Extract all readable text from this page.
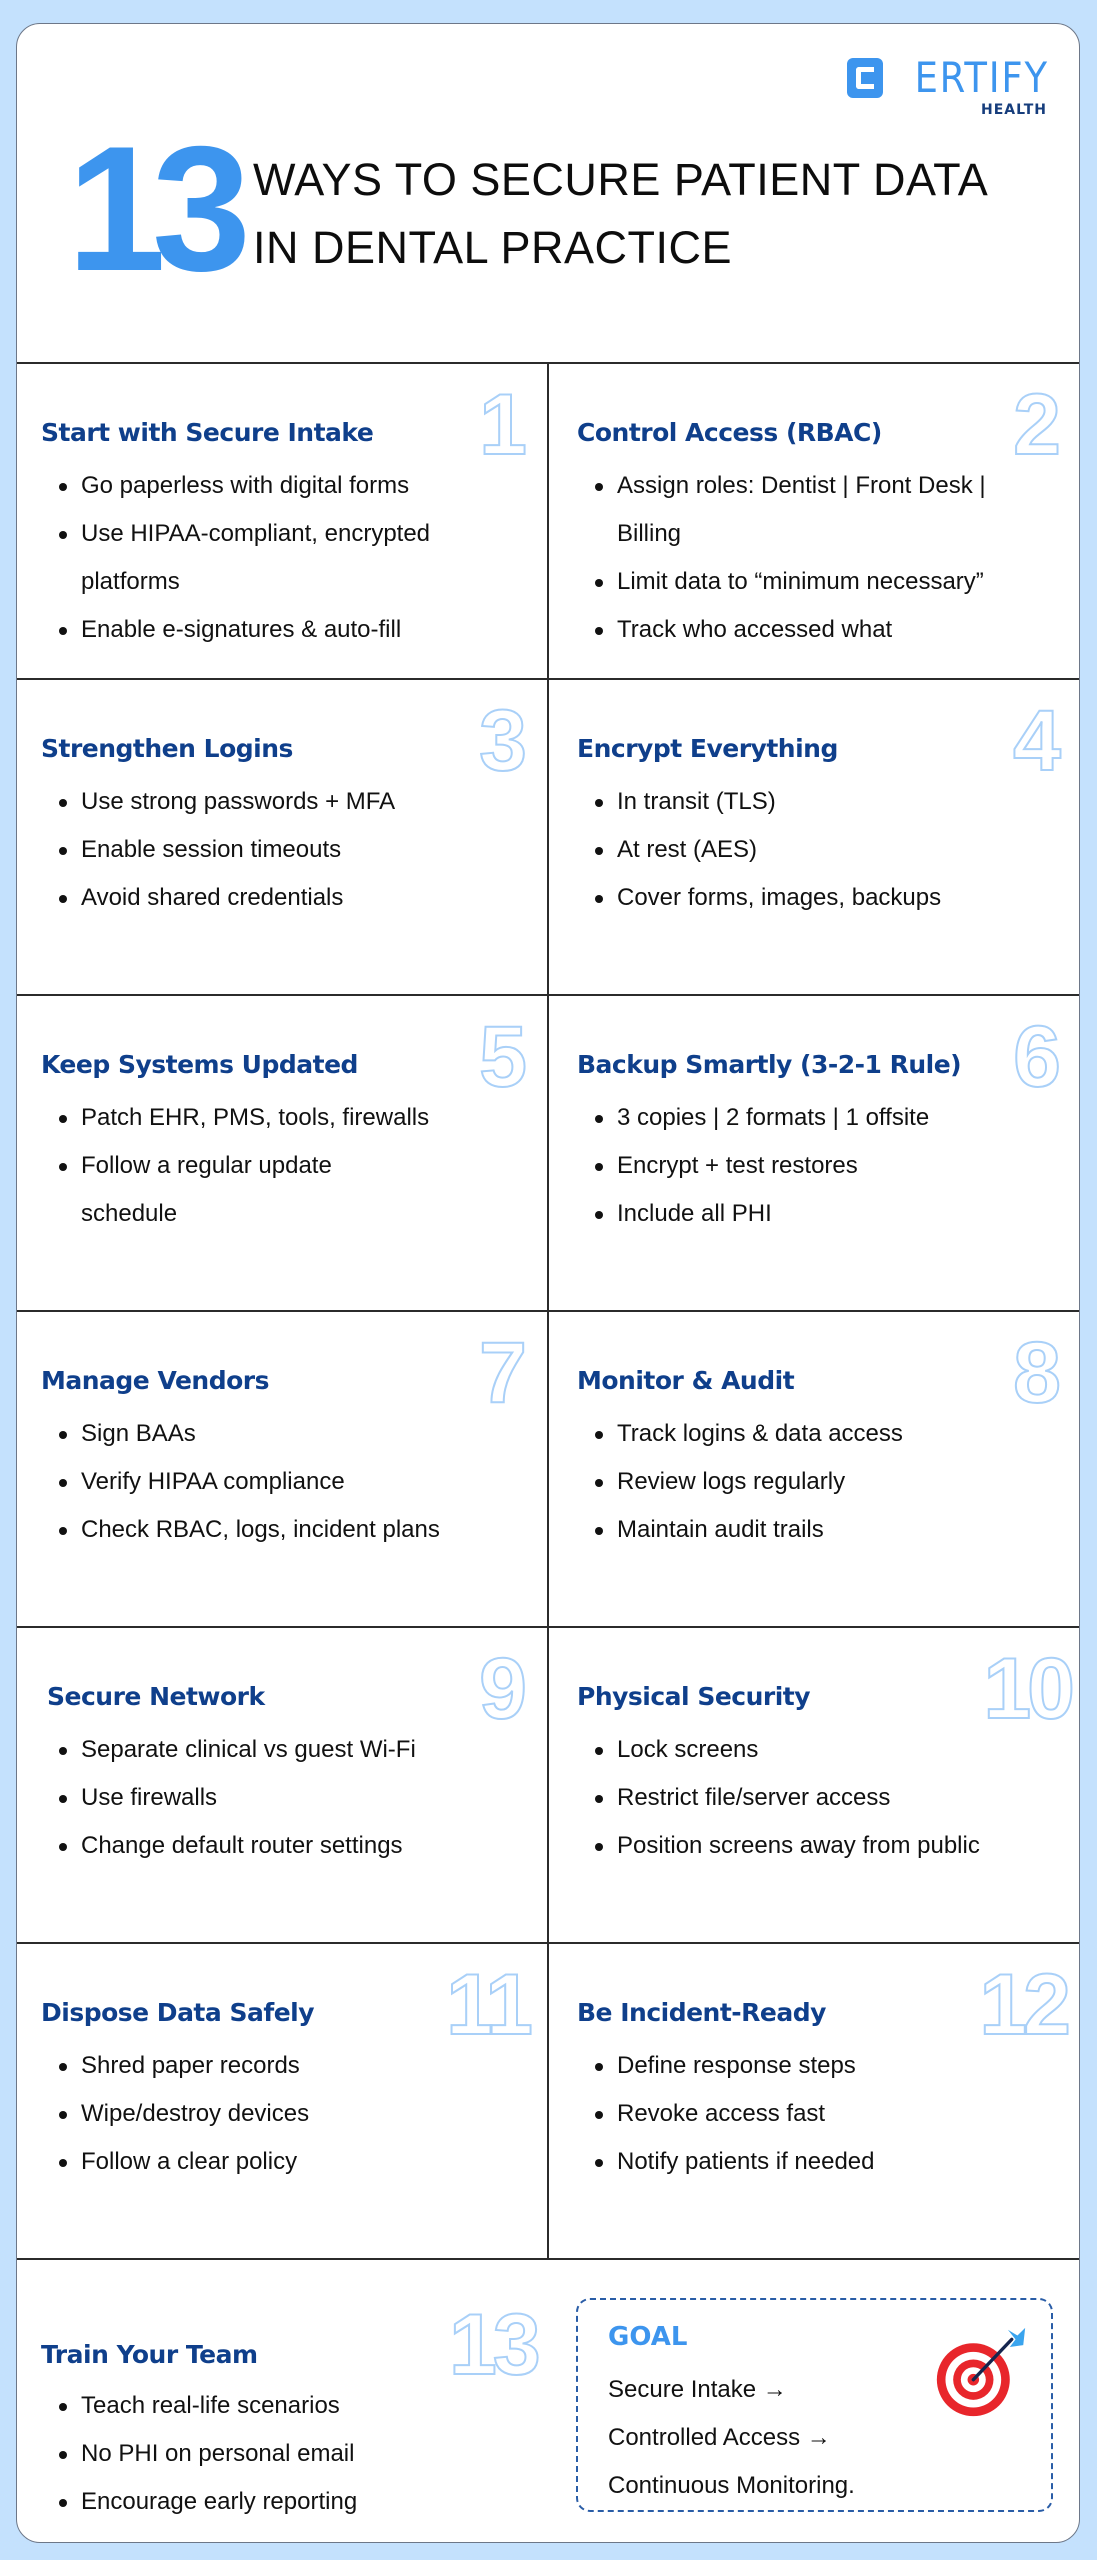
ERTIFY
HEALTH
13 WAYS TO SECURE PATIENT DATA
IN DENTAL PRACTICE
1
Start with Secure Intake
Go paperless with digital forms
Use HIPAA-compliant, encrypted platforms
Enable e-signatures & auto-fill
2
Control Access (RBAC)
Assign roles: Dentist | Front Desk | Billing
Limit data to “minimum necessary”
Track who accessed what
3
Strengthen Logins
Use strong passwords + MFA
Enable session timeouts
Avoid shared credentials
4
Encrypt Everything
In transit (TLS)
At rest (AES)
Cover forms, images, backups
5
Keep Systems Updated
Patch EHR, PMS, tools, firewalls
Follow a regular update schedule
6
Backup Smartly (3-2-1 Rule)
3 copies | 2 formats | 1 offsite
Encrypt + test restores
Include all PHI
7
Manage Vendors
Sign BAAs
Verify HIPAA compliance
Check RBAC, logs, incident plans
8
Monitor & Audit
Track logins & data access
Review logs regularly
Maintain audit trails
9
Secure Network
Separate clinical vs guest Wi-Fi
Use firewalls
Change default router settings
10
Physical Security
Lock screens
Restrict file/server access
Position screens away from public
11
Dispose Data Safely
Shred paper records
Wipe/destroy devices
Follow a clear policy
12
Be Incident-Ready
Define response steps
Revoke access fast
Notify patients if needed
13
Train Your Team
Teach real-life scenarios
No PHI on personal email
Encourage early reporting
GOAL
Secure Intake →
Controlled Access →
Continuous Monitoring.
